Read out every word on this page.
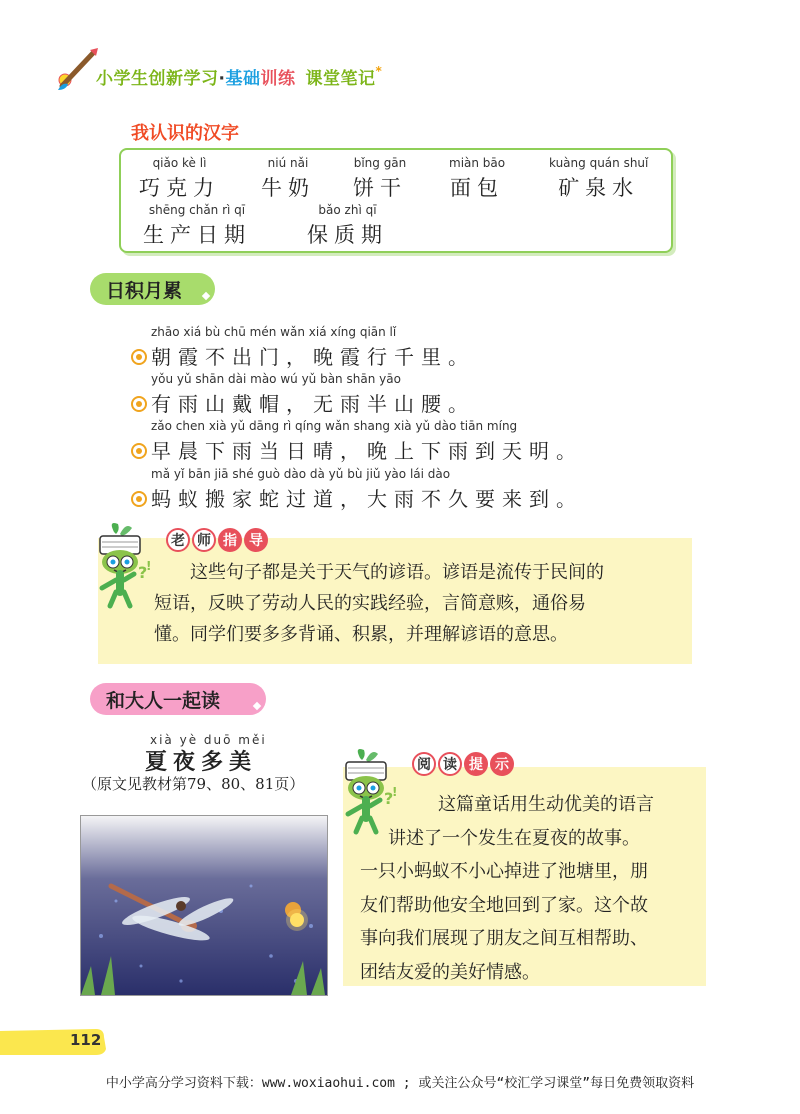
小学生创新学习·基础训练 课堂笔记*
我认识的汉字
qiǎo kè lì
巧克力
niú nǎi
牛奶
bǐng gān
饼干
miàn bāo
面包
kuàng quán shuǐ
矿泉水
shēng chǎn rì qī
生产日期
bǎo zhì qī
保质期
日积月累
zhāo xiá bù chū mén wǎn xiá xíng qiān lǐ
朝霞不出门，晚霞行千里。
yǒu yǔ shān dài mào wú yǔ bàn shān yāo
有雨山戴帽，无雨半山腰。
zǎo chen xià yǔ dāng rì qíng wǎn shang xià yǔ dào tiān míng
早晨下雨当日晴，晚上下雨到天明。
mǎ yǐ bān jiā shé guò dào dà yǔ bù jiǔ yào lái dào
蚂蚁搬家蛇过道，大雨不久要来到。
?
!
老 师 指 导
这些句子都是关于天气的谚语。谚语是流传于民间的
短语，反映了劳动人民的实践经验，言简意赅，通俗易
懂。同学们要多多背诵、积累，并理解谚语的意思。
和大人一起读
xià yè duō měi
夏夜多美
（原文见教材第79、80、81页）
?
!
阅 读 提 示
这篇童话用生动优美的语言
讲述了一个发生在夏夜的故事。
一只小蚂蚁不小心掉进了池塘里，朋
友们帮助他安全地回到了家。这个故
事向我们展现了朋友之间互相帮助、
团结友爱的美好情感。
112
中小学高分学习资料下载：www.woxiaohui.com ; 或关注公众号“校汇学习课堂”每日免费领取资料
